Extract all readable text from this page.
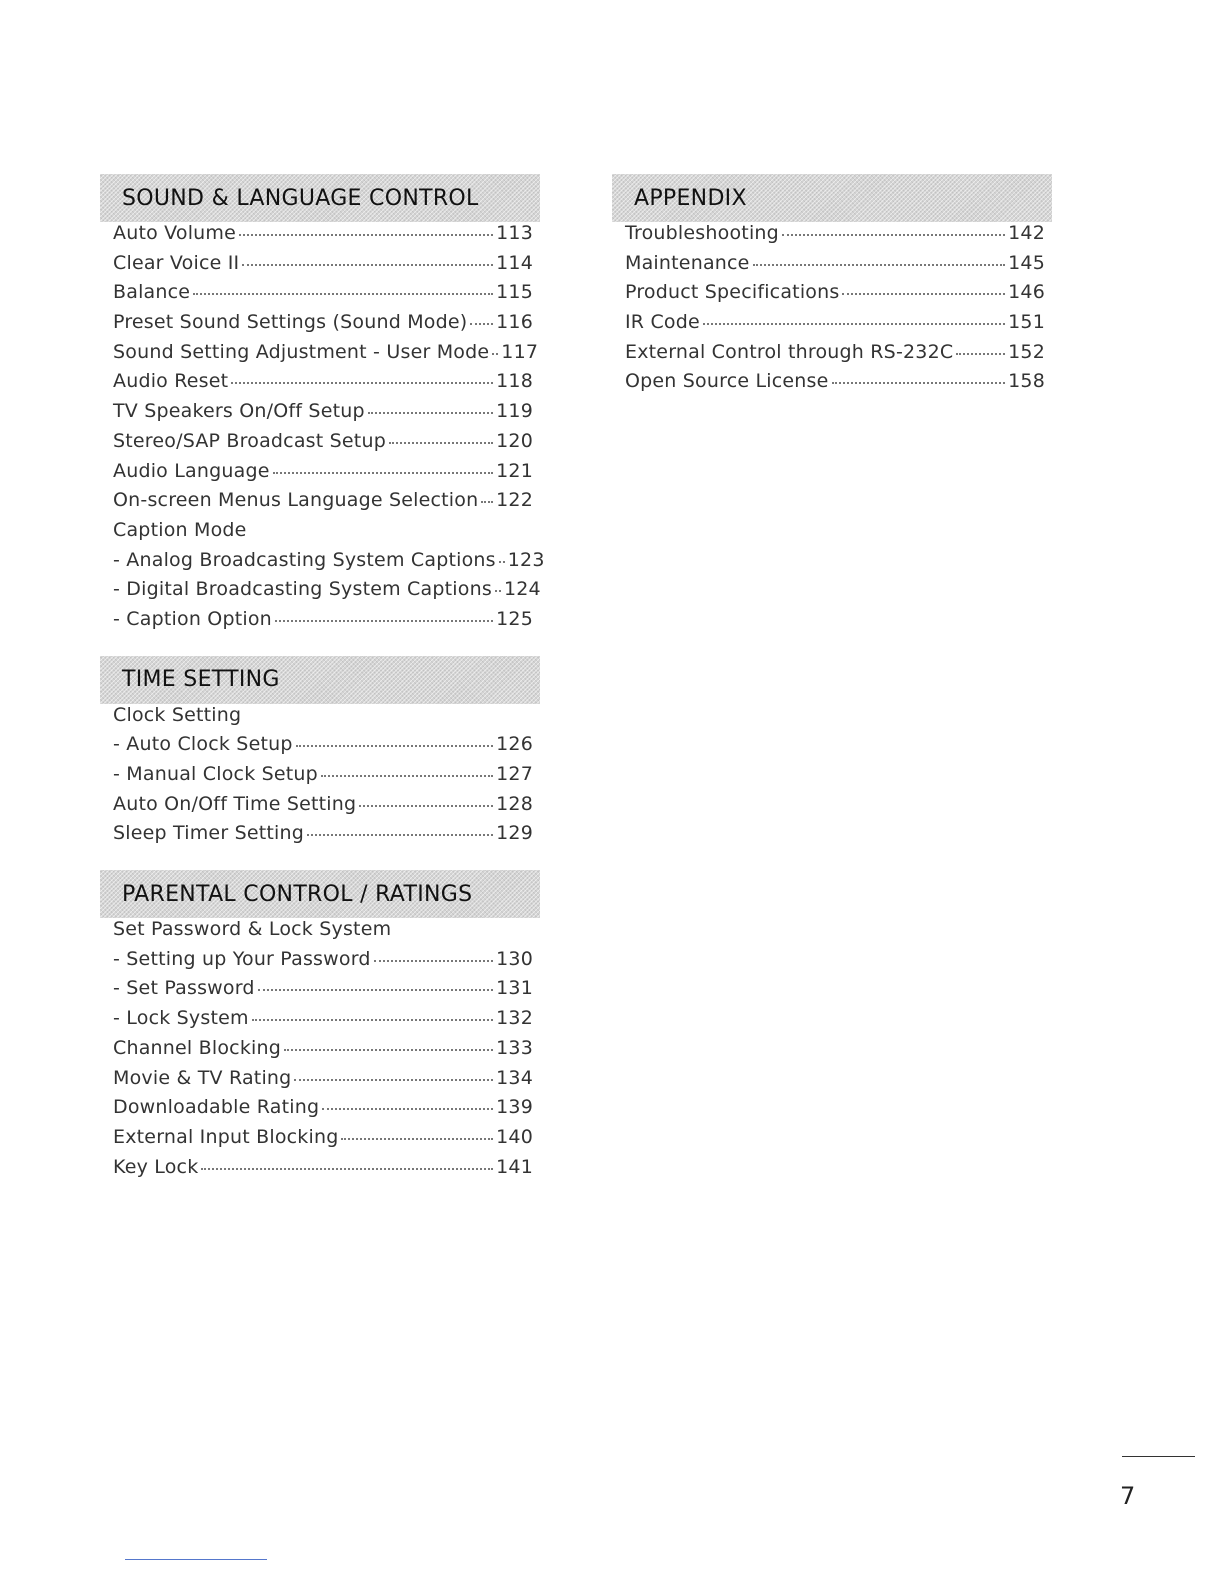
SOUND & LANGUAGE CONTROL
Auto Volume	113
Clear Voice II	114
Balance	115
Preset Sound Settings (Sound Mode) 116
Sound Setting Adjustment - User Mode 117
Audio Reset	118
TV Speakers On/Off Setup	119
Stereo/SAP Broadcast Setup	120
Audio Language	121
On-screen Menus Language Selection 122
Caption Mode
- Analog Broadcasting System Captions 123
- Digital Broadcasting System Captions 124
- Caption Option	125
TIME SETTING
Clock Setting
- Auto Clock Setup	126
- Manual Clock Setup	127
Auto On/Off Time Setting	128
Sleep Timer Setting	129
PARENTAL CONTROL / RATINGS
Set Password & Lock System
- Setting up Your Password	130
- Set Password	131
- Lock System	132
Channel Blocking	133
Movie & TV Rating	134
Downloadable Rating	139
External Input Blocking	140
Key Lock	141
APPENDIX
Troubleshooting	142
Maintenance	145
Product Specifications	146
IR Code	151
External Control through RS-232C	152
Open Source License	158
7
